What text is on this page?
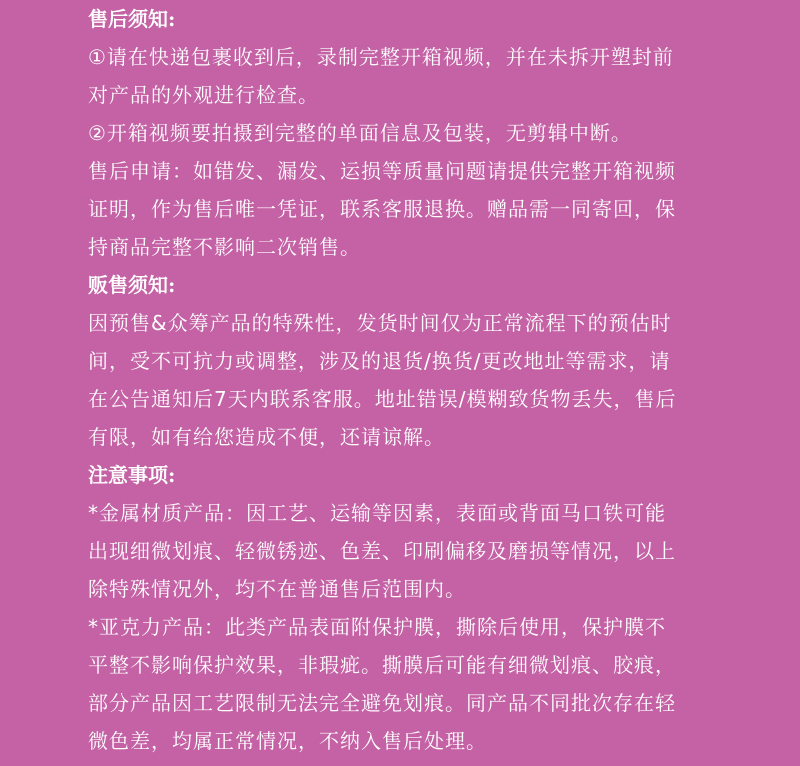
售后须知:
①请在快递包裹收到后，录制完整开箱视频，并在未拆开塑封前
对产品的外观进行检查。
②开箱视频要拍摄到完整的单面信息及包装，无剪辑中断。
售后申请：如错发、漏发、运损等质量问题请提供完整开箱视频
证明，作为售后唯一凭证，联系客服退换。赠品需一同寄回，保
持商品完整不影响二次销售。
贩售须知:
因预售&众筹产品的特殊性，发货时间仅为正常流程下的预估时
间，受不可抗力或调整，涉及的退货/换货/更改地址等需求，请
在公告通知后7天内联系客服。地址错误/模糊致货物丢失，售后
有限，如有给您造成不便，还请谅解。
注意事项:
*金属材质产品：因工艺、运输等因素，表面或背面马口铁可能
出现细微划痕、轻微锈迹、色差、印刷偏移及磨损等情况，以上
除特殊情况外，均不在普通售后范围内。
*亚克力产品：此类产品表面附保护膜，撕除后使用，保护膜不
平整不影响保护效果，非瑕疵。撕膜后可能有细微划痕、胶痕，
部分产品因工艺限制无法完全避免划痕。同产品不同批次存在轻
微色差，均属正常情况，不纳入售后处理。
